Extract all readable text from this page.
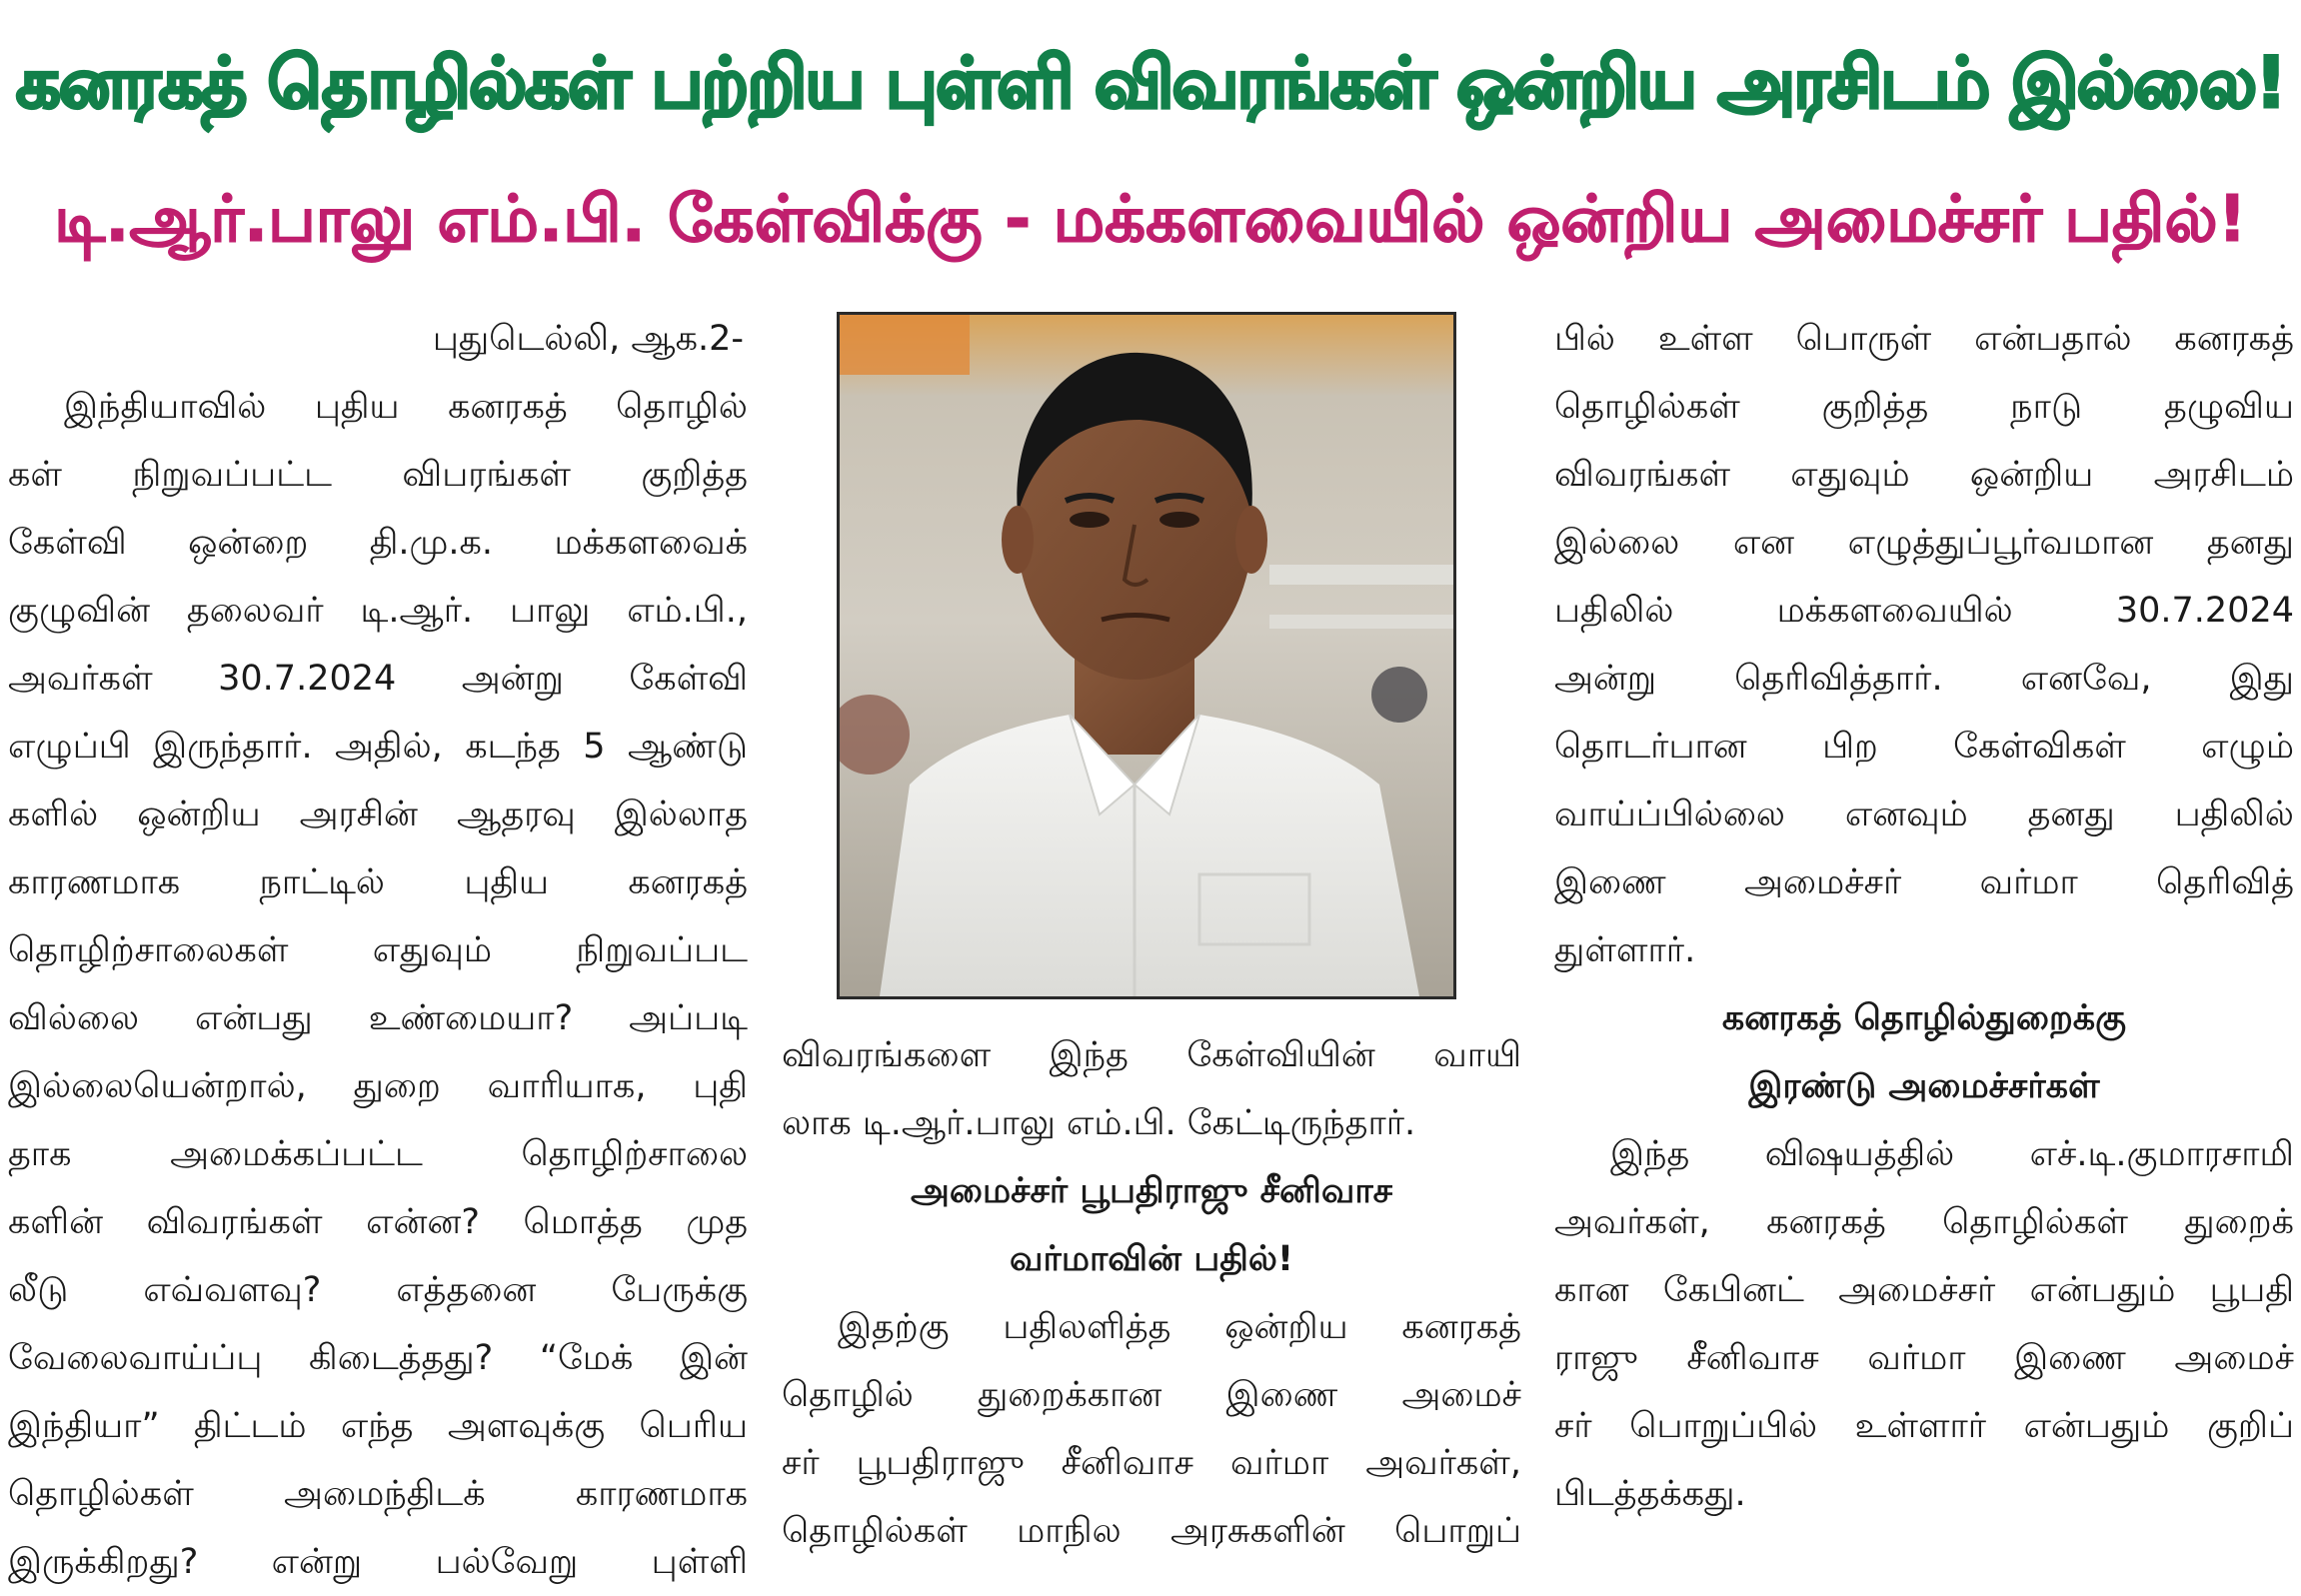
கனரகத் தொழில்கள் பற்றிய புள்ளி விவரங்கள் ஒன்றிய அரசிடம் இல்லை!
டி.ஆர்.பாலு எம்.பி. கேள்விக்கு - மக்களவையில் ஒன்றிய அமைச்சர் பதில்!
புதுடெல்லி, ஆக.2-
இந்தியாவில் புதிய கனரகத் தொழில்
கள் நிறுவப்பட்ட விபரங்கள் குறித்த
கேள்வி ஒன்றை தி.மு.க. மக்களவைக்
குழுவின் தலைவர் டி.ஆர். பாலு எம்.பி.,
அவர்கள் 30.7.2024 அன்று கேள்வி
எழுப்பி இருந்தார். அதில், கடந்த 5 ஆண்டு
களில் ஒன்றிய அரசின் ஆதரவு இல்லாத
காரணமாக நாட்டில் புதிய கனரகத்
தொழிற்சாலைகள் எதுவும் நிறுவப்பட
வில்லை என்பது உண்மையா? அப்படி
இல்லையென்றால், துறை வாரியாக, புதி
தாக அமைக்கப்பட்ட தொழிற்சாலை
களின் விவரங்கள் என்ன? மொத்த முத
லீடு எவ்வளவு? எத்தனை பேருக்கு
வேலைவாய்ப்பு கிடைத்தது? “மேக் இன்
இந்தியா” திட்டம் எந்த அளவுக்கு பெரிய
தொழில்கள் அமைந்திடக் காரணமாக
இருக்கிறது? என்று பல்வேறு புள்ளி
விவரங்களை இந்த கேள்வியின் வாயி
லாக டி.ஆர்.பாலு எம்.பி. கேட்டிருந்தார்.
அமைச்சர் பூபதிராஜு சீனிவாச
வர்மாவின் பதில்!
இதற்கு பதிலளித்த ஒன்றிய கனரகத்
தொழில் துறைக்கான இணை அமைச்
சர் பூபதிராஜு சீனிவாச வர்மா அவர்கள்,
தொழில்கள் மாநில அரசுகளின் பொறுப்
பில் உள்ள பொருள் என்பதால் கனரகத்
தொழில்கள் குறித்த நாடு தழுவிய
விவரங்கள் எதுவும் ஒன்றிய அரசிடம்
இல்லை என எழுத்துப்பூர்வமான தனது
பதிலில் மக்களவையில் 30.7.2024
அன்று தெரிவித்தார். எனவே, இது
தொடர்பான பிற கேள்விகள் எழும்
வாய்ப்பில்லை எனவும் தனது பதிலில்
இணை அமைச்சர் வர்மா தெரிவித்
துள்ளார்.
கனரகத் தொழில்துறைக்கு
இரண்டு அமைச்சர்கள்
இந்த விஷயத்தில் எச்.டி.குமாரசாமி
அவர்கள், கனரகத் தொழில்கள் துறைக்
கான கேபினட் அமைச்சர் என்பதும் பூபதி
ராஜு சீனிவாச வர்மா இணை அமைச்
சர் பொறுப்பில் உள்ளார் என்பதும் குறிப்
பிடத்தக்கது.
